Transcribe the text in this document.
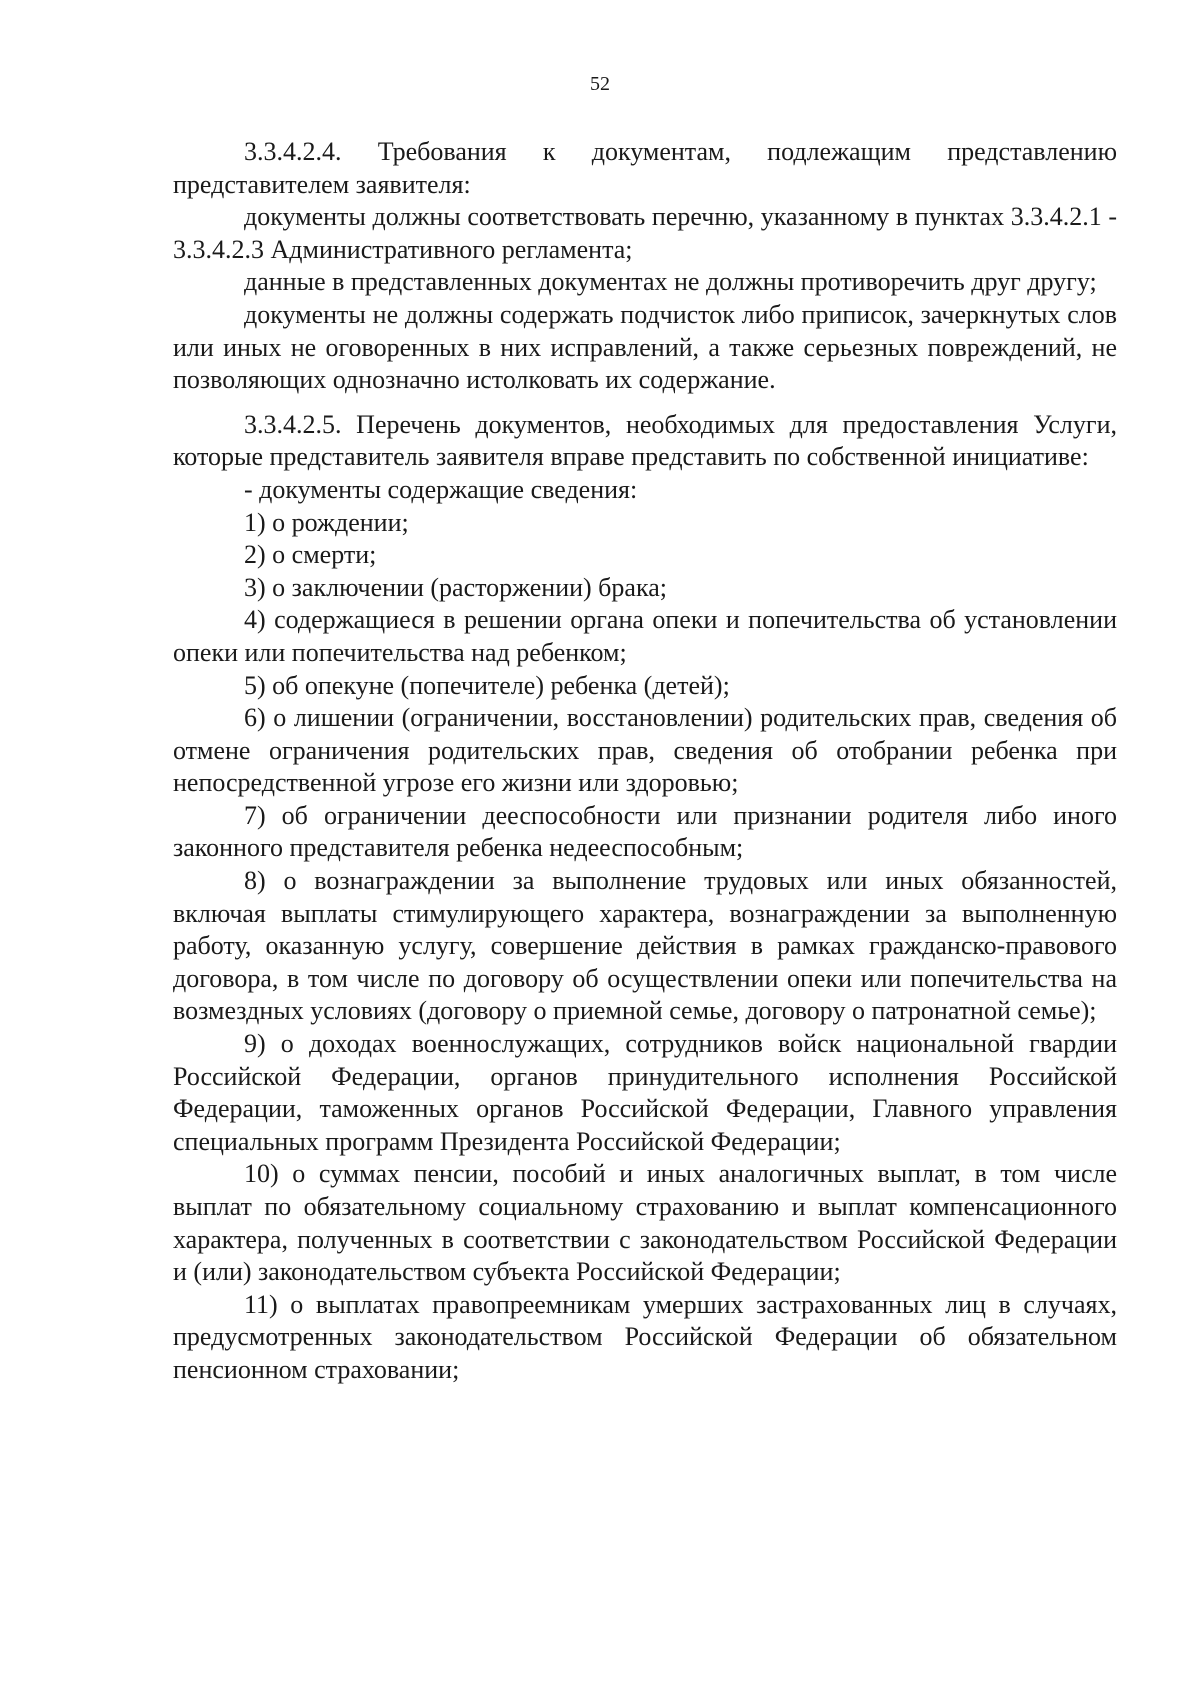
52

3.3.4.2.4. Требования к документам, подлежащим представлению представителем заявителя:

документы должны соответствовать перечню, указанному в пунктах 3.3.4.2.1 - 3.3.4.2.3 Административного регламента;

данные в представленных документах не должны противоречить друг другу;

документы не должны содержать подчисток либо приписок, зачеркнутых слов или иных не оговоренных в них исправлений, а также серьезных повреждений, не позволяющих однозначно истолковать их содержание.

3.3.4.2.5. Перечень документов, необходимых для предоставления Услуги, которые представитель заявителя вправе представить по собственной инициативе:

- документы содержащие сведения:

1) о рождении;

2) о смерти;

3) о заключении (расторжении) брака;

4) содержащиеся в решении органа опеки и попечительства об установлении опеки или попечительства над ребенком;

5) об опекуне (попечителе) ребенка (детей);

6) о лишении (ограничении, восстановлении) родительских прав, сведения об отмене ограничения родительских прав, сведения об отобрании ребенка при непосредственной угрозе его жизни или здоровью;

7) об ограничении дееспособности или признании родителя либо иного законного представителя ребенка недееспособным;

8) о вознаграждении за выполнение трудовых или иных обязанностей, включая выплаты стимулирующего характера, вознаграждении за выполненную работу, оказанную услугу, совершение действия в рамках гражданско-правового договора, в том числе по договору об осуществлении опеки или попечительства на возмездных условиях (договору о приемной семье, договору о патронатной семье);

9) о доходах военнослужащих, сотрудников войск национальной гвардии Российской Федерации, органов принудительного исполнения Российской Федерации, таможенных органов Российской Федерации, Главного управления специальных программ Президента Российской Федерации;

10) о суммах пенсии, пособий и иных аналогичных выплат, в том числе выплат по обязательному социальному страхованию и выплат компенсационного характера, полученных в соответствии с законодательством Российской Федерации и (или) законодательством субъекта Российской Федерации;

11) о выплатах правопреемникам умерших застрахованных лиц в случаях, предусмотренных законодательством Российской Федерации об обязательном пенсионном страховании;
